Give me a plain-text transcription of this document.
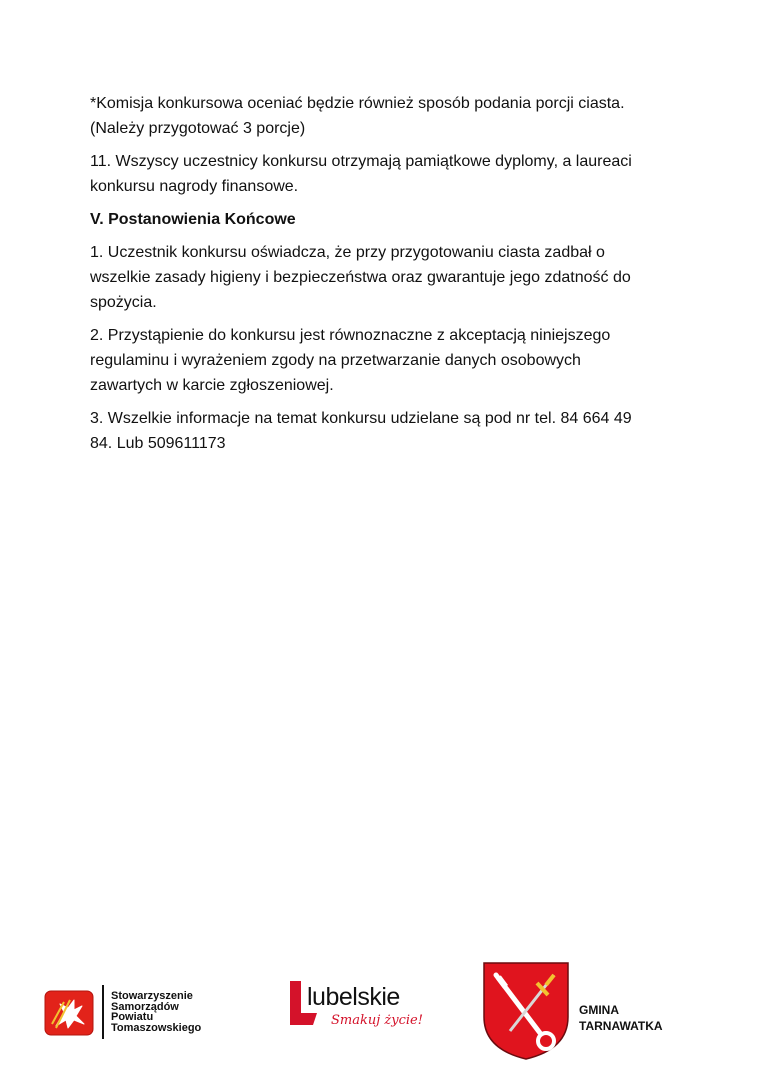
*Komisja konkursowa oceniać będzie również sposób podania porcji ciasta.
(Należy przygotować 3 porcje)

11. Wszyscy uczestnicy konkursu otrzymają pamiątkowe dyplomy, a laureaci
konkursu nagrody finansowe.

V. Postanowienia Końcowe

1. Uczestnik konkursu oświadcza, że przy przygotowaniu ciasta zadbał o
wszelkie zasady higieny i bezpieczeństwa oraz gwarantuje jego zdatność do
spożycia.

2. Przystąpienie do konkursu jest równoznaczne z akceptacją niniejszego
regulaminu i wyrażeniem zgody na przetwarzanie danych osobowych
zawartych w karcie zgłoszeniowej.

3. Wszelkie informacje na temat konkursu udzielane są pod nr tel. 84 664 49
84. Lub 509611173

Stowarzyszenie
Samorządów
Powiatu
Tomaszowskiego
lubelskie
Smakuj życie!
GMINA
TARNAWATKA
